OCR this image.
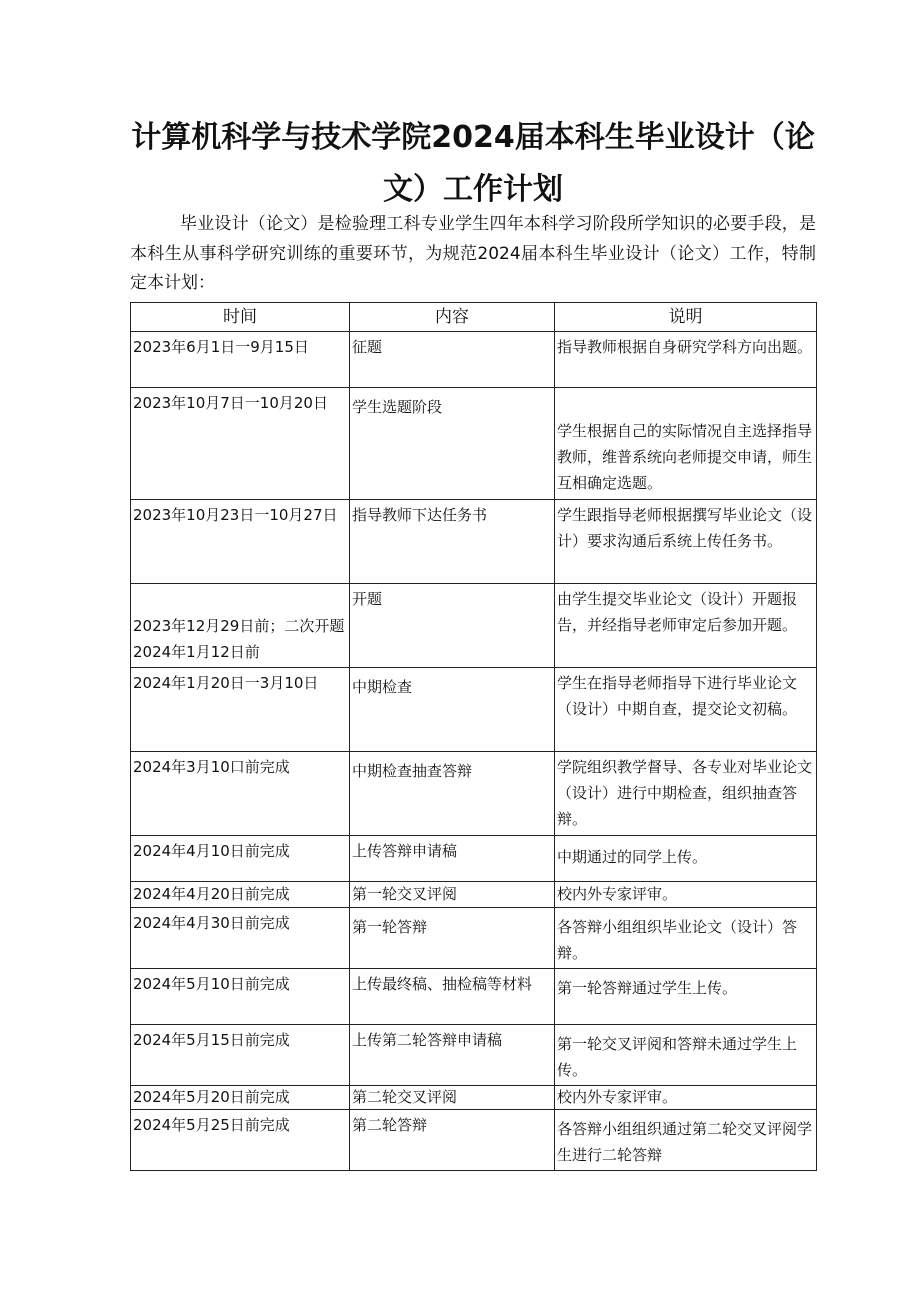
计算机科学与技术学院2024届本科生毕业设计（论文）工作计划
毕业设计（论文）是检验理工科专业学生四年本科学习阶段所学知识的必要手段，是本科生从事科学研究训练的重要环节，为规范2024届本科生毕业设计（论文）工作，特制定本计划：
时间	内容	说明
2023年6月1日一9月15日	征题	指导教师根据自身研究学科方向出题。
2023年10月7日一10月20日	学生选题阶段	学生根据自己的实际情况自主选择指导教师，维普系统向老师提交申请，师生互相确定选题。
2023年10月23日一10月27日	指导教师下达任务书	学生跟指导老师根据撰写毕业论文（设计）要求沟通后系统上传任务书。
2023年12月29日前；二次开题2024年1月12日前	开题	由学生提交毕业论文（设计）开题报告，并经指导老师审定后参加开题。
2024年1月20日一3月10日	中期检查	学生在指导老师指导下进行毕业论文（设计）中期自查，提交论文初稿。
2024年3月10口前完成	中期检查抽查答辩	学院组织教学督导、各专业对毕业论文（设计）进行中期检查，组织抽查答辩。
2024年4月10日前完成	上传答辩申请稿	中期通过的同学上传。
2024年4月20日前完成	第一轮交叉评阅	校内外专家评审。
2024年4月30日前完成	第一轮答辩	各答辩小组组织毕业论文（设计）答辩。
2024年5月10日前完成	上传最终稿、抽检稿等材料	第一轮答辩通过学生上传。
2024年5月15日前完成	上传第二轮答辩申请稿	第一轮交叉评阅和答辩未通过学生上传。
2024年5月20日前完成	第二轮交叉评阅	校内外专家评审。
2024年5月25日前完成	第二轮答辩	各答辩小组组织通过第二轮交叉评阅学生进行二轮答辩
